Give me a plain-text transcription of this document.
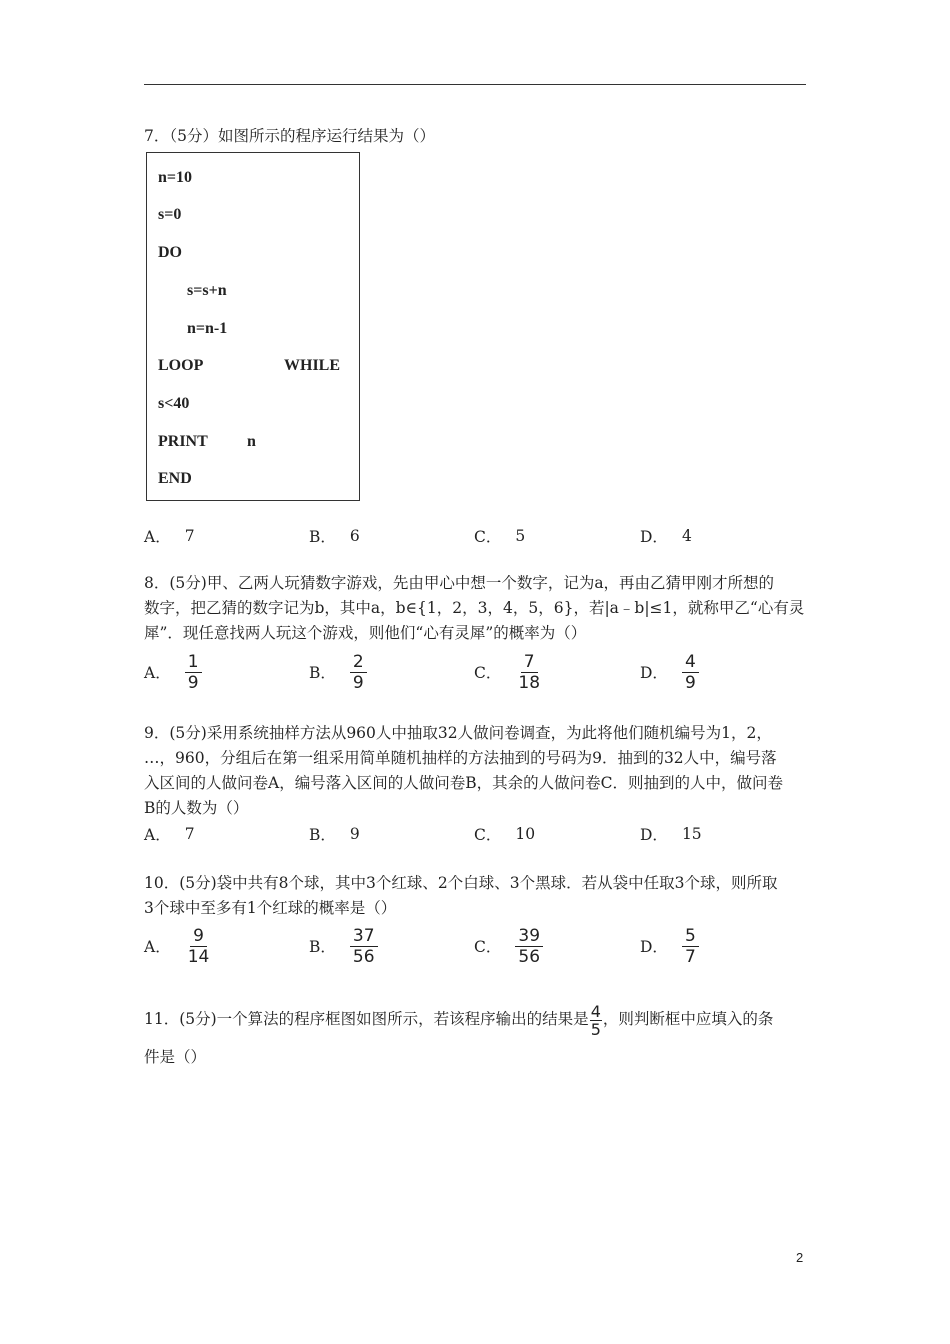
7．（5分）如图所示的程序运行结果为（）
n=10
s=0
DO
s=s+n
n=n-1
LOOP	WHILE
s<40
PRINT n
END
A． 7	B． 6	C． 5	D． 4
8．(5分)甲、乙两人玩猜数字游戏，先由甲心中想一个数字，记为a，再由乙猜甲刚才所想的
数字，把乙猜的数字记为b，其中a，b∈{1，2，3，4，5，6}，若|a﹣b|≤1，就称甲乙“心有灵
犀”．现任意找两人玩这个游戏，则他们“心有灵犀”的概率为（）
A． $\frac{1}{9}$	B． $\frac{2}{9}$	C． $\frac{7}{18}$	D． $\frac{4}{9}$
9．(5分)采用系统抽样方法从960人中抽取32人做问卷调查，为此将他们随机编号为1，2，
…，960，分组后在第一组采用简单随机抽样的方法抽到的号码为9．抽到的32人中，编号落
入区间的人做问卷A，编号落入区间的人做问卷B，其余的人做问卷C．则抽到的人中，做问卷
B的人数为（）
A． 7	B． 9	C． 10	D． 15
10．(5分)袋中共有8个球，其中3个红球、2个白球、3个黑球．若从袋中任取3个球，则所取
3个球中至多有1个红球的概率是（）
A． $\frac{9}{14}$	B． $\frac{37}{56}$	C． $\frac{39}{56}$	D． $\frac{5}{7}$
11．(5分)一个算法的程序框图如图所示，若该程序输出的结果是 $\frac{4}{5}$ ，则判断框中应填入的条
件是（）
2
